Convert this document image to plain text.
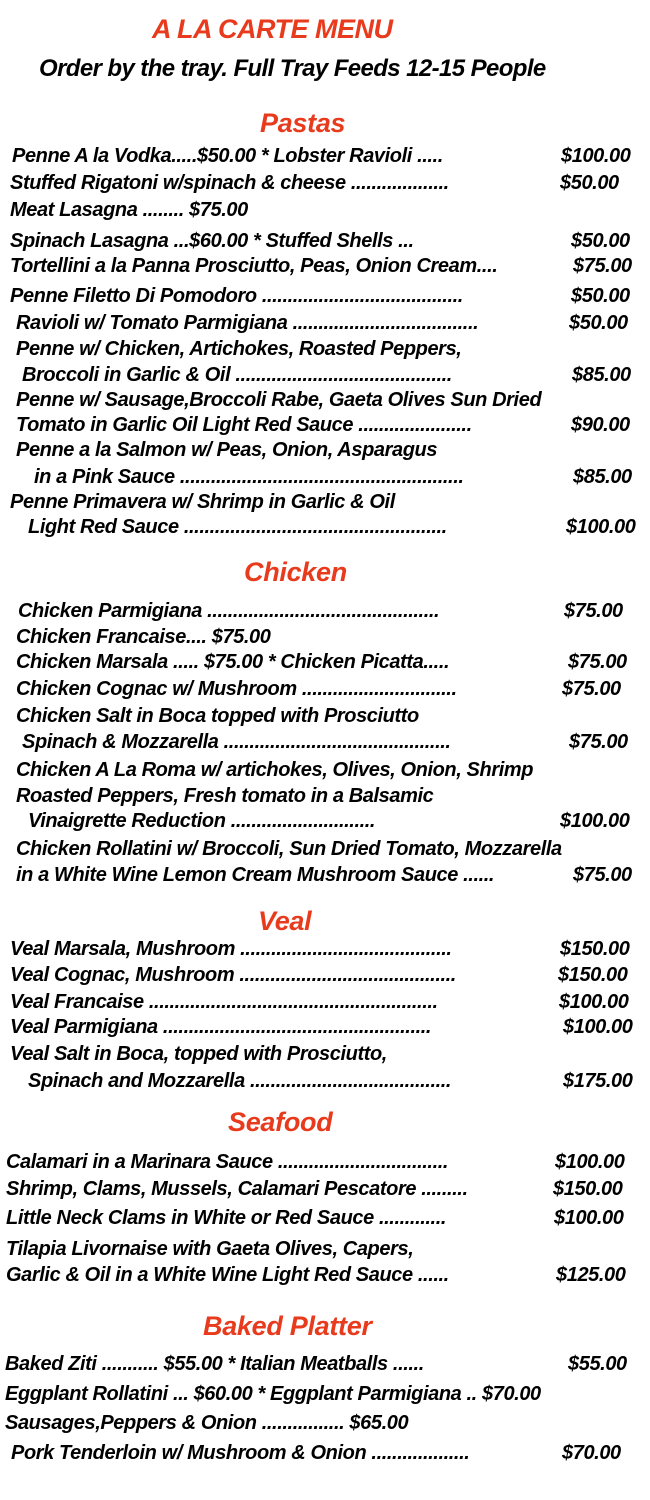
A LA CARTE MENU
Order by the tray. Full Tray Feeds 12-15 People
Pastas
Penne A la Vodka.....$50.00 * Lobster Ravioli .....	$100.00
Stuffed Rigatoni w/spinach & cheese ...................	$50.00
Meat Lasagna ........ $75.00
Spinach Lasagna ...$60.00 * Stuffed Shells ...	$50.00
Tortellini a la Panna Prosciutto, Peas, Onion Cream....	$75.00
Penne Filetto Di Pomodoro .......................................	$50.00
Ravioli w/ Tomato Parmigiana ....................................	$50.00
Penne w/ Chicken, Artichokes, Roasted Peppers,
Broccoli in Garlic & Oil ..........................................	$85.00
Penne w/ Sausage,Broccoli Rabe, Gaeta Olives Sun Dried
Tomato in Garlic Oil Light Red Sauce ......................	$90.00
Penne a la Salmon w/ Peas, Onion, Asparagus
in a Pink Sauce .......................................................	$85.00
Penne Primavera w/ Shrimp in Garlic & Oil
Light Red Sauce ...................................................	$100.00
Chicken
Chicken Parmigiana .............................................	$75.00
Chicken Francaise.... $75.00
Chicken Marsala ..... $75.00 * Chicken Picatta.....	$75.00
Chicken Cognac w/ Mushroom ..............................	$75.00
Chicken Salt in Boca topped with Prosciutto
Spinach & Mozzarella ............................................	$75.00
Chicken A La Roma w/ artichokes, Olives, Onion, Shrimp
Roasted Peppers, Fresh tomato in a Balsamic
Vinaigrette Reduction ............................	$100.00
Chicken Rollatini w/ Broccoli, Sun Dried Tomato, Mozzarella
in a White Wine Lemon Cream Mushroom Sauce ......	$75.00
Veal
Veal Marsala, Mushroom .........................................	$150.00
Veal Cognac, Mushroom ..........................................	$150.00
Veal Francaise ........................................................	$100.00
Veal Parmigiana ....................................................	$100.00
Veal Salt in Boca, topped with Prosciutto,
Spinach and Mozzarella .......................................	$175.00
Seafood
Calamari in a Marinara Sauce .................................	$100.00
Shrimp, Clams, Mussels, Calamari Pescatore .........	$150.00
Little Neck Clams in White or Red Sauce .............	$100.00
Tilapia Livornaise with Gaeta Olives, Capers,
Garlic & Oil in a White Wine Light Red Sauce ......	$125.00
Baked Platter
Baked Ziti ........... $55.00 * Italian Meatballs ......	$55.00
Eggplant Rollatini ... $60.00 * Eggplant Parmigiana .. $70.00
Sausages,Peppers & Onion ................ $65.00
Pork Tenderloin w/ Mushroom & Onion ...................	$70.00
